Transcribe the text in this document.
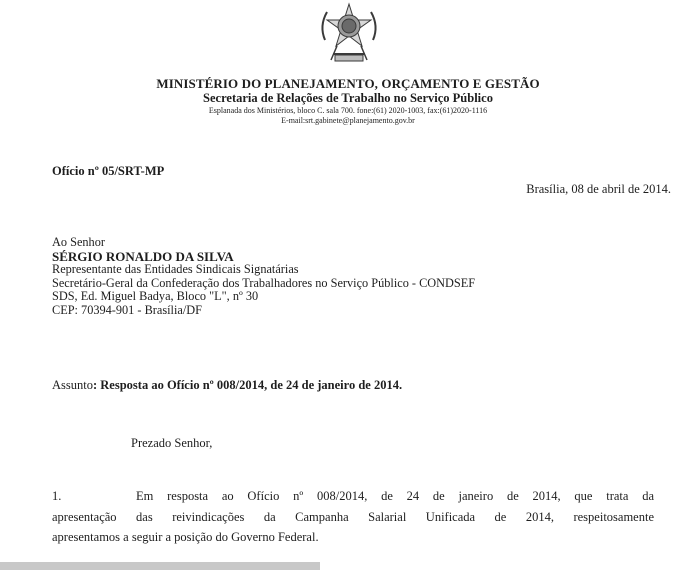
MINISTÉRIO DO PLANEJAMENTO, ORÇAMENTO E GESTÃO
Secretaria de Relações de Trabalho no Serviço Público
Esplanada dos Ministérios, bloco C. sala 700. fone:(61) 2020-1003, fax:(61)2020-1116
E-mail:srt.gabinete@planejamento.gov.br
Ofício nº 05/SRT-MP
Brasília, 08 de abril de 2014.
Ao Senhor
SÉRGIO RONALDO DA SILVA
Representante das Entidades Sindicais Signatárias
Secretário-Geral da Confederação dos Trabalhadores no Serviço Público - CONDSEF
SDS, Ed. Miguel Badya, Bloco "L", nº 30
CEP: 70394-901 - Brasília/DF
Assunto: Resposta ao Ofício nº 008/2014, de 24 de janeiro de 2014.
Prezado Senhor,
1.	Em resposta ao Ofício nº 008/2014, de 24 de janeiro de 2014, que trata da
apresentação das reivindicações da Campanha Salarial Unificada de 2014, respeitosamente
apresentamos a seguir a posição do Governo Federal.
